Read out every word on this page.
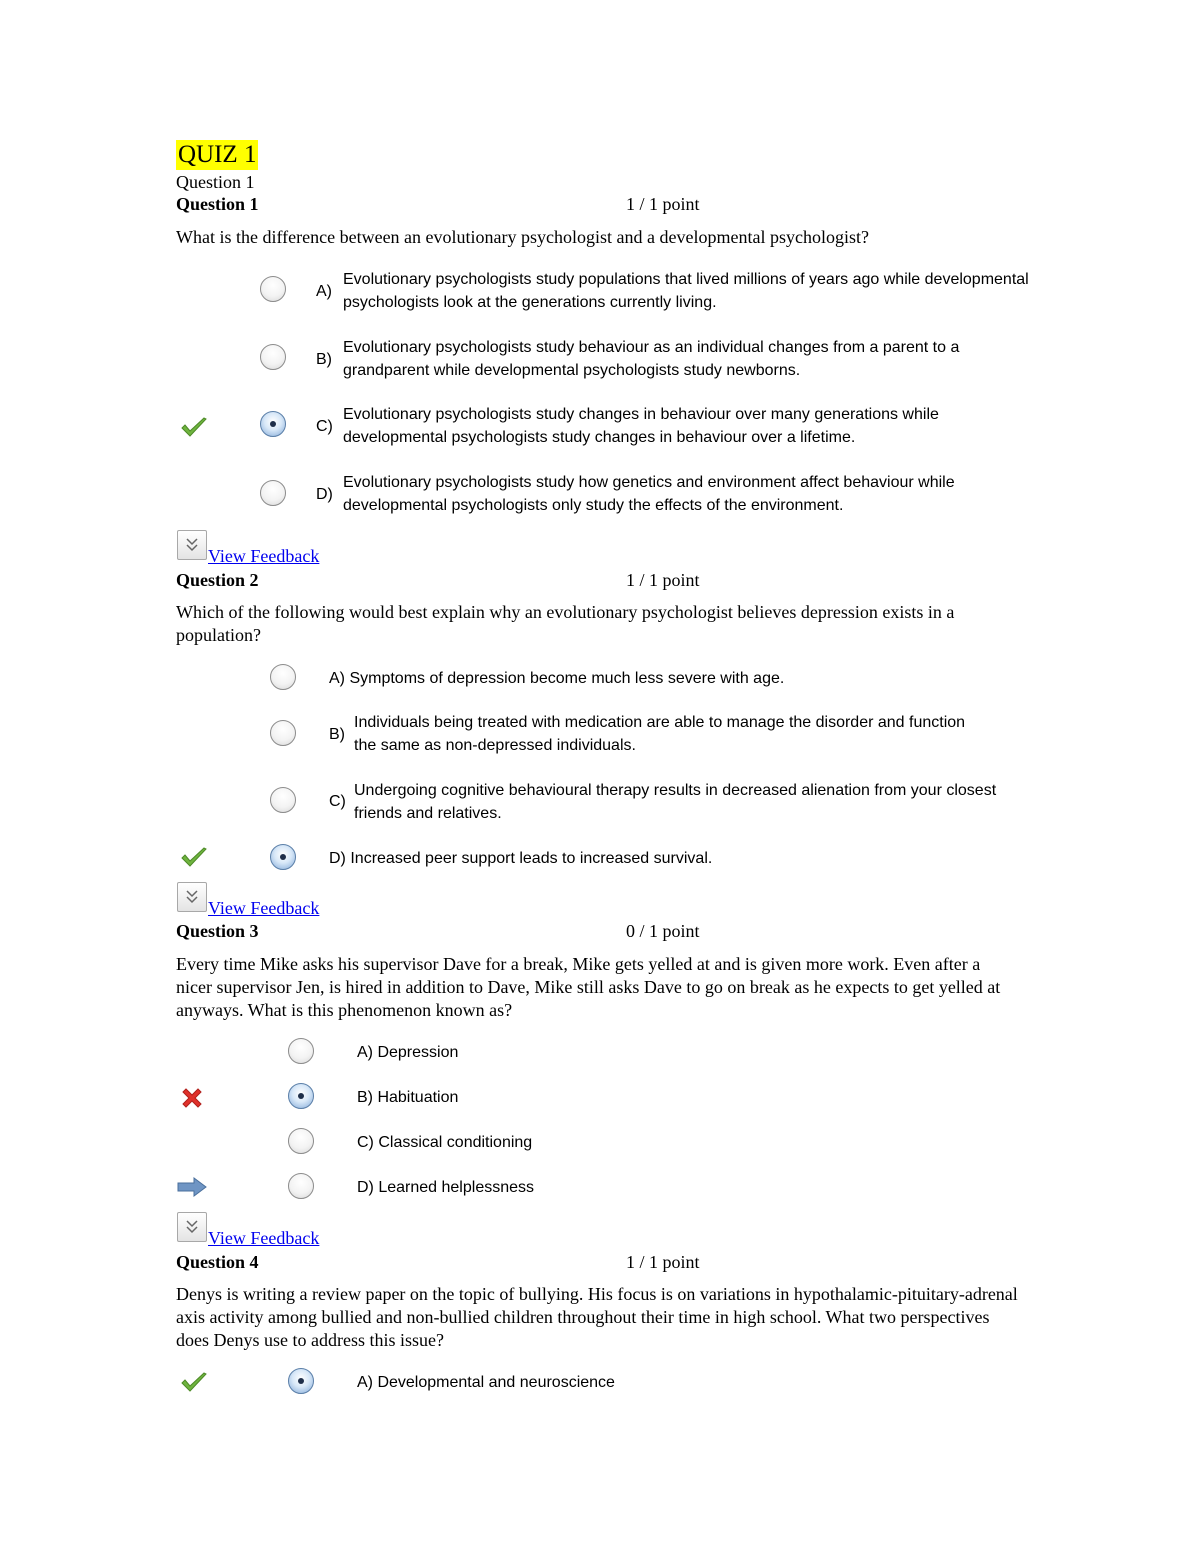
QUIZ 1
Question 1
Question 1	1 / 1 point
What is the difference between an evolutionary psychologist and a developmental psychologist?
A)
Evolutionary psychologists study populations that lived millions of years ago while developmental psychologists look at the generations currently living.
B)
Evolutionary psychologists study behaviour as an individual changes from a parent to a grandparent while developmental psychologists study newborns.
C)
Evolutionary psychologists study changes in behaviour over many generations while developmental psychologists study changes in behaviour over a lifetime.
D)
Evolutionary psychologists study how genetics and environment affect behaviour while developmental psychologists only study the effects of the environment.
View Feedback
Question 2	1 / 1 point
Which of the following would best explain why an evolutionary psychologist believes depression exists in a population?
A) Symptoms of depression become much less severe with age.
B)
Individuals being treated with medication are able to manage the disorder and function the same as non-depressed individuals.
C)
Undergoing cognitive behavioural therapy results in decreased alienation from your closest friends and relatives.
D) Increased peer support leads to increased survival.
View Feedback
Question 3	0 / 1 point
Every time Mike asks his supervisor Dave for a break, Mike gets yelled at and is given more work. Even after a nicer supervisor Jen, is hired in addition to Dave, Mike still asks Dave to go on break as he expects to get yelled at anyways. What is this phenomenon known as?
A) Depression
B) Habituation
C) Classical conditioning
D) Learned helplessness
View Feedback
Question 4	1 / 1 point
Denys is writing a review paper on the topic of bullying. His focus is on variations in hypothalamic-pituitary-adrenal axis activity among bullied and non-bullied children throughout their time in high school. What two perspectives does Denys use to address this issue?
A) Developmental and neuroscience
